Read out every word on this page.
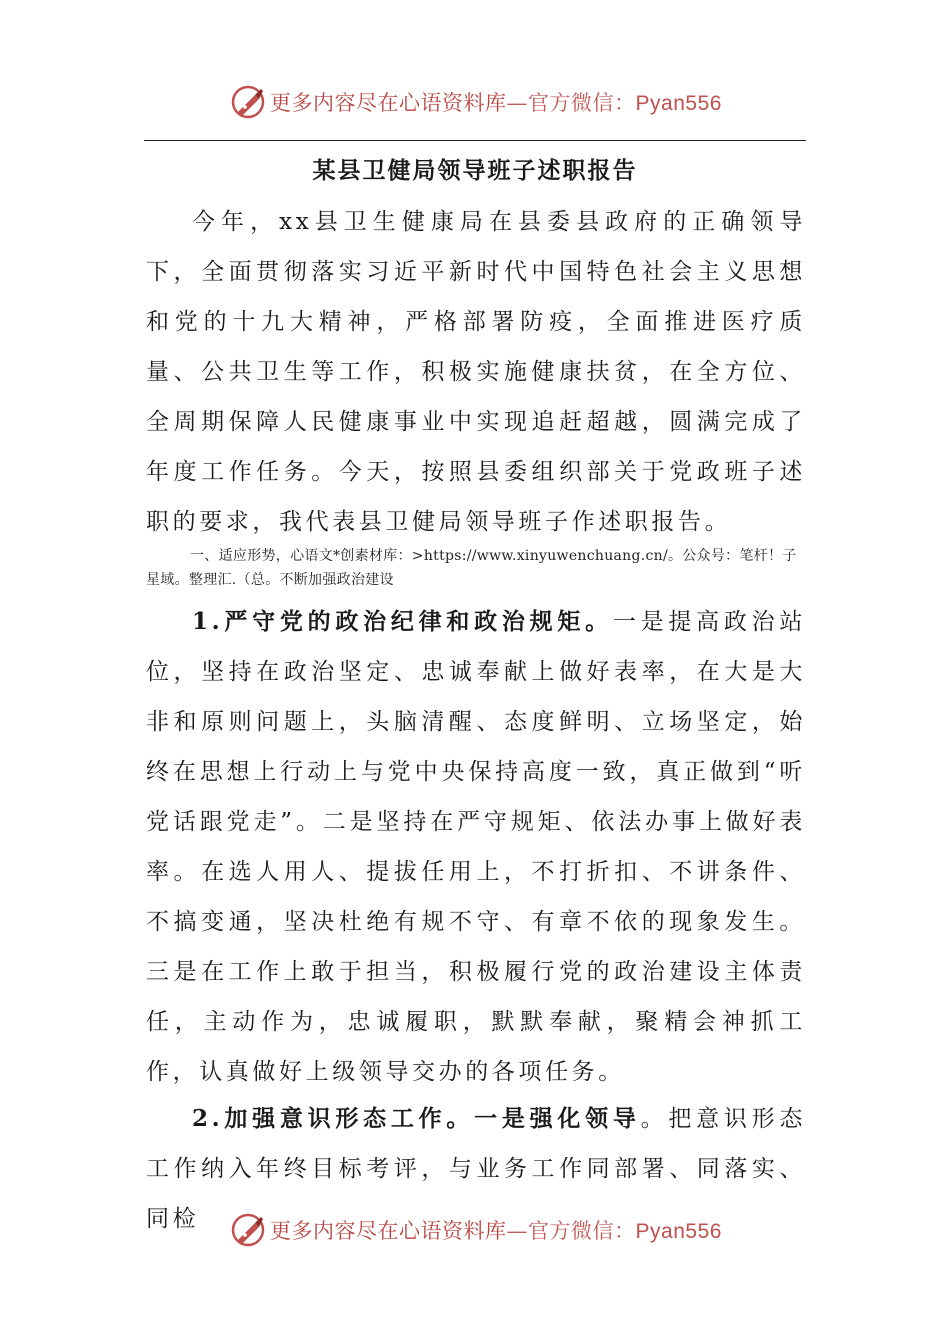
更多内容尽在心语资料库—官方微信：Pyan556
某县卫健局领导班子述职报告

今年，xx县卫生健康局在县委县政府的正确领导下，全面贯彻落实习近平新时代中国特色社会主义思想和党的十九大精神，严格部署防疫，全面推进医疗质量、公共卫生等工作，积极实施健康扶贫，在全方位、全周期保障人民健康事业中实现追赶超越，圆满完成了年度工作任务。今天，按照县委组织部关于党政班子述职的要求，我代表县卫健局领导班子作述职报告。

一、适应形势，心语文*创素材库：>https://www.xinyuwenchuang.cn/。公众号：笔杆！子星域。整理汇.（总。不断加强政治建设

1.严守党的政治纪律和政治规矩。一是提高政治站位，坚持在政治坚定、忠诚奉献上做好表率，在大是大非和原则问题上，头脑清醒、态度鲜明、立场坚定，始终在思想上行动上与党中央保持高度一致，真正做到“听党话跟党走”。二是坚持在严守规矩、依法办事上做好表率。在选人用人、提拔任用上，不打折扣、不讲条件、不搞变通，坚决杜绝有规不守、有章不依的现象发生。三是在工作上敢于担当，积极履行党的政治建设主体责任，主动作为，忠诚履职，默默奉献，聚精会神抓工作，认真做好上级领导交办的各项任务。

2.加强意识形态工作。一是强化领导。把意识形态工作纳入年终目标考评，与业务工作同部署、同落实、同检	更多内容尽在心语资料库—官方微信：Pyan556
